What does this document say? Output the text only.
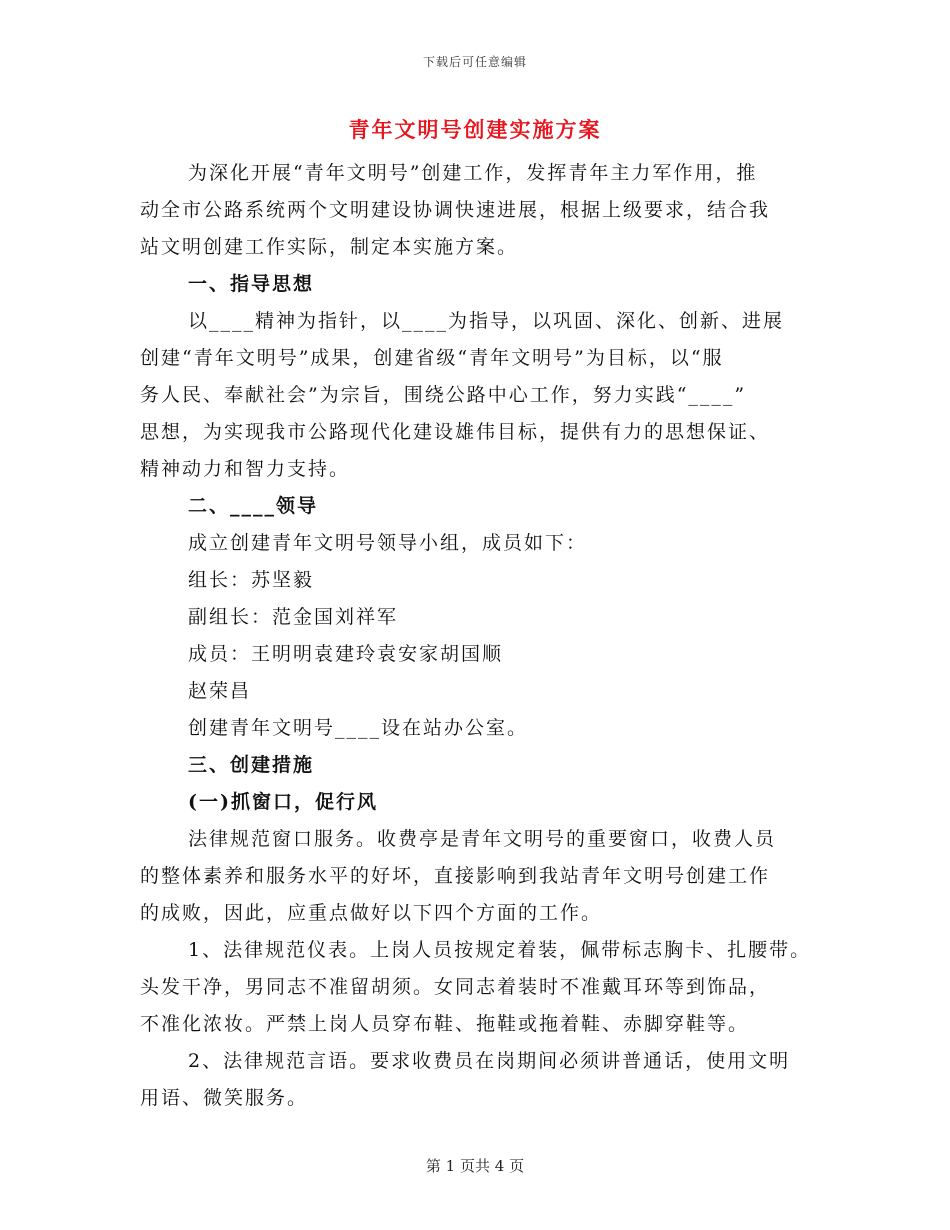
下载后可任意编辑
青年文明号创建实施方案
为深化开展“青年文明号”创建工作，发挥青年主力军作用，推
动全市公路系统两个文明建设协调快速进展，根据上级要求，结合我
站文明创建工作实际，制定本实施方案。
一、指导思想
以____精神为指针，以____为指导，以巩固、深化、创新、进展
创建“青年文明号”成果，创建省级“青年文明号”为目标，以“服
务人民、奉献社会”为宗旨，围绕公路中心工作，努力实践“____”
思想，为实现我市公路现代化建设雄伟目标，提供有力的思想保证、
精神动力和智力支持。
二、____领导
成立创建青年文明号领导小组，成员如下：
组长：苏坚毅
副组长：范金国刘祥军
成员：王明明袁建玲袁安家胡国顺
赵荣昌
创建青年文明号____设在站办公室。
三、创建措施
(一)抓窗口，促行风
法律规范窗口服务。收费亭是青年文明号的重要窗口，收费人员
的整体素养和服务水平的好坏，直接影响到我站青年文明号创建工作
的成败，因此，应重点做好以下四个方面的工作。
1、法律规范仪表。上岗人员按规定着装，佩带标志胸卡、扎腰带。
头发干净，男同志不准留胡须。女同志着装时不准戴耳环等到饰品，
不准化浓妆。严禁上岗人员穿布鞋、拖鞋或拖着鞋、赤脚穿鞋等。
2、法律规范言语。要求收费员在岗期间必须讲普通话，使用文明
用语、微笑服务。
第 1 页共 4 页
